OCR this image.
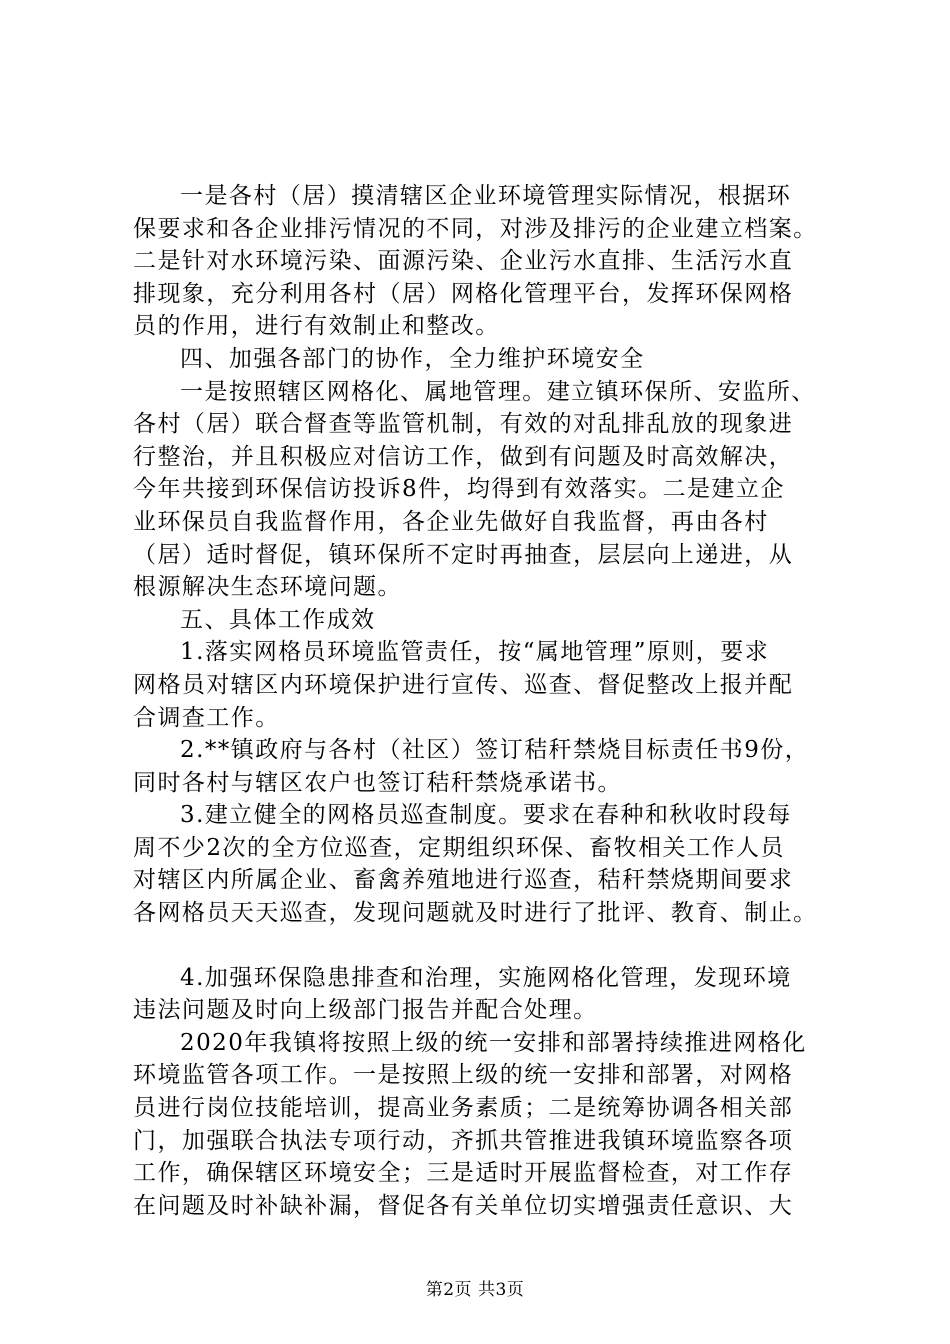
一是各村（居）摸清辖区企业环境管理实际情况，根据环
保要求和各企业排污情况的不同，对涉及排污的企业建立档案。
二是针对水环境污染、面源污染、企业污水直排、生活污水直
排现象，充分利用各村（居）网格化管理平台，发挥环保网格
员的作用，进行有效制止和整改。
四、加强各部门的协作，全力维护环境安全
一是按照辖区网格化、属地管理。建立镇环保所、安监所、
各村（居）联合督查等监管机制，有效的对乱排乱放的现象进
行整治，并且积极应对信访工作，做到有问题及时高效解决，
今年共接到环保信访投诉8件，均得到有效落实。二是建立企
业环保员自我监督作用，各企业先做好自我监督，再由各村
（居）适时督促，镇环保所不定时再抽查，层层向上递进，从
根源解决生态环境问题。
五、具体工作成效
1.落实网格员环境监管责任，按“属地管理”原则，要求
网格员对辖区内环境保护进行宣传、巡查、督促整改上报并配
合调查工作。
2.**镇政府与各村（社区）签订秸秆禁烧目标责任书9份，
同时各村与辖区农户也签订秸秆禁烧承诺书。
3.建立健全的网格员巡查制度。要求在春种和秋收时段每
周不少2次的全方位巡查，定期组织环保、畜牧相关工作人员
对辖区内所属企业、畜禽养殖地进行巡查，秸秆禁烧期间要求
各网格员天天巡查，发现问题就及时进行了批评、教育、制止。
4.加强环保隐患排查和治理，实施网格化管理，发现环境
违法问题及时向上级部门报告并配合处理。
2020年我镇将按照上级的统一安排和部署持续推进网格化
环境监管各项工作。一是按照上级的统一安排和部署，对网格
员进行岗位技能培训，提高业务素质；二是统筹协调各相关部
门，加强联合执法专项行动，齐抓共管推进我镇环境监察各项
工作，确保辖区环境安全；三是适时开展监督检查，对工作存
在问题及时补缺补漏，督促各有关单位切实增强责任意识、大
第2页 共3页
